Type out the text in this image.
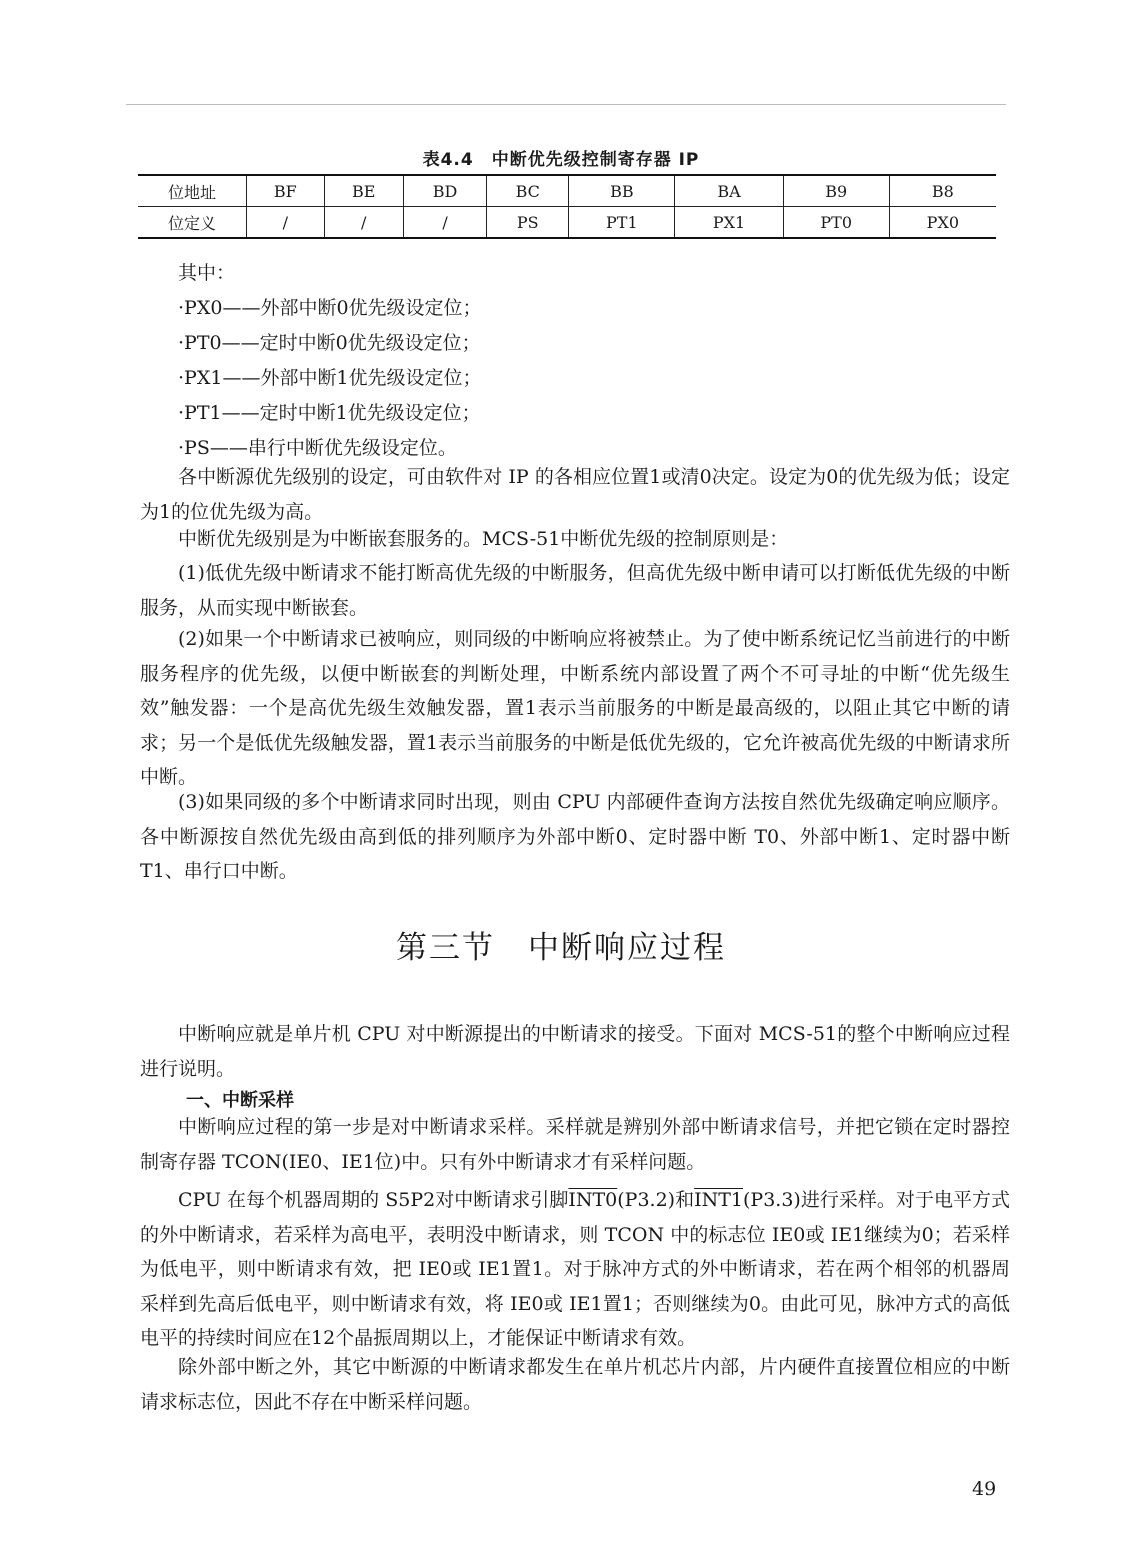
表4.4　中断优先级控制寄存器 IP
位地址	BF	BE	BD	BC	BB	BA	B9	B8
位定义	/	/	/	PS	PT1	PX1	PT0	PX0
其中：
·PX0——外部中断0优先级设定位；
·PT0——定时中断0优先级设定位；
·PX1——外部中断1优先级设定位；
·PT1——定时中断1优先级设定位；
·PS——串行中断优先级设定位。
各中断源优先级别的设定，可由软件对 IP 的各相应位置1或清0决定。设定为0的优先级为低；设定为1的位优先级为高。
中断优先级别是为中断嵌套服务的。MCS-51中断优先级的控制原则是：
(1)低优先级中断请求不能打断高优先级的中断服务，但高优先级中断申请可以打断低优先级的中断服务，从而实现中断嵌套。
(2)如果一个中断请求已被响应，则同级的中断响应将被禁止。为了使中断系统记忆当前进行的中断服务程序的优先级，以便中断嵌套的判断处理，中断系统内部设置了两个不可寻址的中断“优先级生效”触发器：一个是高优先级生效触发器，置1表示当前服务的中断是最高级的，以阻止其它中断的请求；另一个是低优先级触发器，置1表示当前服务的中断是低优先级的，它允许被高优先级的中断请求所中断。
(3)如果同级的多个中断请求同时出现，则由 CPU 内部硬件查询方法按自然优先级确定响应顺序。各中断源按自然优先级由高到低的排列顺序为外部中断0、定时器中断 T0、外部中断1、定时器中断 T1、串行口中断。
第三节　中断响应过程
中断响应就是单片机 CPU 对中断源提出的中断请求的接受。下面对 MCS-51的整个中断响应过程进行说明。
一、中断采样
中断响应过程的第一步是对中断请求采样。采样就是辨别外部中断请求信号，并把它锁在定时器控制寄存器 TCON(IE0、IE1位)中。只有外中断请求才有采样问题。
CPU 在每个机器周期的 S5P2对中断请求引脚INT0(P3.2)和INT1(P3.3)进行采样。对于电平方式的外中断请求，若采样为高电平，表明没中断请求，则 TCON 中的标志位 IE0或 IE1继续为0；若采样为低电平，则中断请求有效，把 IE0或 IE1置1。对于脉冲方式的外中断请求，若在两个相邻的机器周采样到先高后低电平，则中断请求有效，将 IE0或 IE1置1；否则继续为0。由此可见，脉冲方式的高低电平的持续时间应在12个晶振周期以上，才能保证中断请求有效。
除外部中断之外，其它中断源的中断请求都发生在单片机芯片内部，片内硬件直接置位相应的中断请求标志位，因此不存在中断采样问题。
49
